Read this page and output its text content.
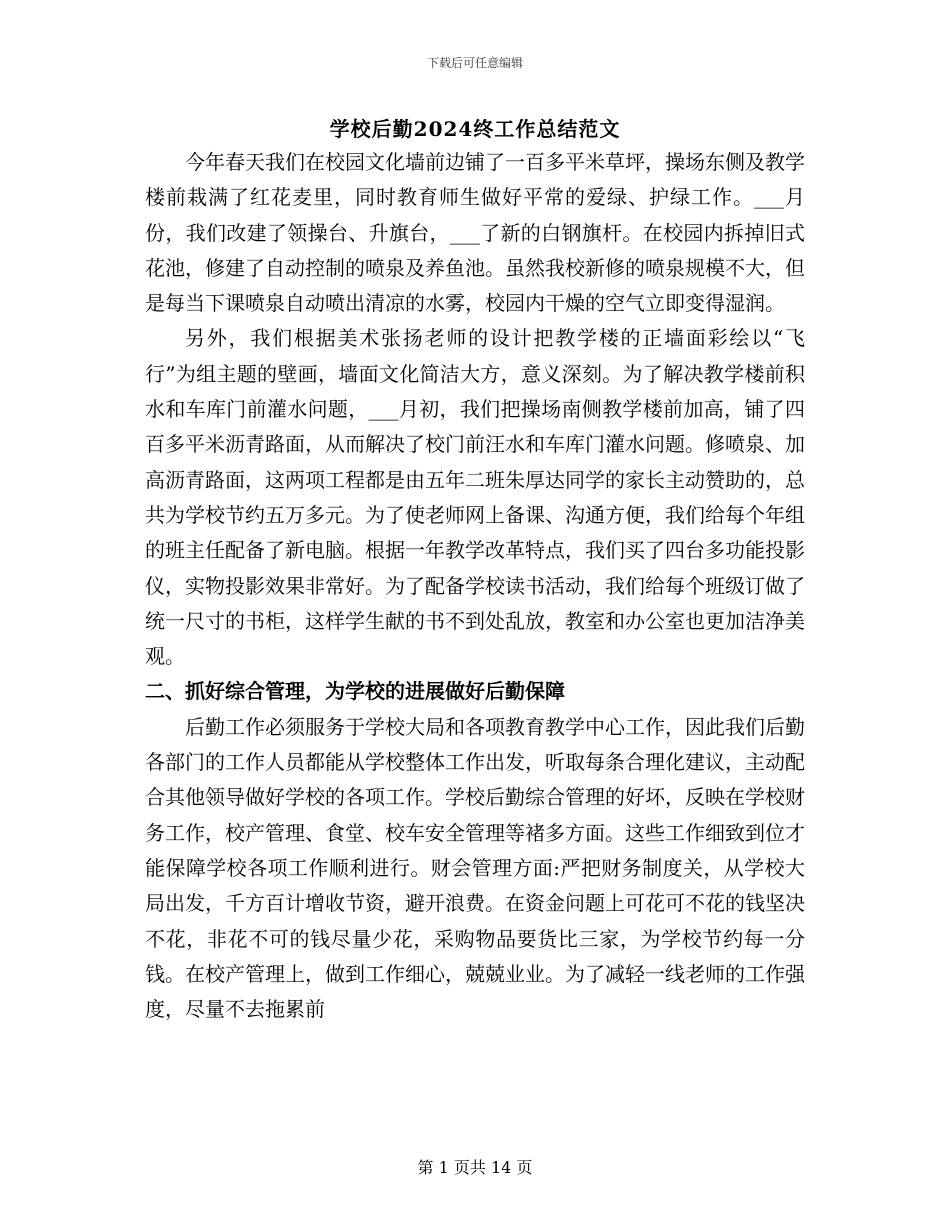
下载后可任意编辑
学校后勤2024终工作总结范文

今年春天我们在校园文化墙前边铺了一百多平米草坪，操场东侧及教学楼前栽满了红花麦里，同时教育师生做好平常的爱绿、护绿工作。___月份，我们改建了领操台、升旗台，___了新的白钢旗杆。在校园内拆掉旧式花池，修建了自动控制的喷泉及养鱼池。虽然我校新修的喷泉规模不大，但是每当下课喷泉自动喷出清凉的水雾，校园内干燥的空气立即变得湿润。

另外，我们根据美术张扬老师的设计把教学楼的正墙面彩绘以“飞行”为组主题的壁画，墙面文化简洁大方，意义深刻。为了解决教学楼前积水和车库门前灌水问题，___月初，我们把操场南侧教学楼前加高，铺了四百多平米沥青路面，从而解决了校门前汪水和车库门灌水问题。修喷泉、加高沥青路面，这两项工程都是由五年二班朱厚达同学的家长主动赞助的，总共为学校节约五万多元。为了使老师网上备课、沟通方便，我们给每个年组的班主任配备了新电脑。根据一年教学改革特点，我们买了四台多功能投影仪，实物投影效果非常好。为了配备学校读书活动，我们给每个班级订做了统一尺寸的书柜，这样学生献的书不到处乱放，教室和办公室也更加洁净美观。

二、抓好综合管理，为学校的进展做好后勤保障

后勤工作必须服务于学校大局和各项教育教学中心工作，因此我们后勤各部门的工作人员都能从学校整体工作出发，听取每条合理化建议，主动配合其他领导做好学校的各项工作。学校后勤综合管理的好坏，反映在学校财务工作，校产管理、食堂、校车安全管理等褚多方面。这些工作细致到位才能保障学校各项工作顺利进行。财会管理方面:严把财务制度关，从学校大局出发，千方百计增收节资，避开浪费。在资金问题上可花可不花的钱坚决不花，非花不可的钱尽量少花，采购物品要货比三家，为学校节约每一分钱。在校产管理上，做到工作细心，兢兢业业。为了减轻一线老师的工作强度，尽量不去拖累前

第 1 页共 14 页
